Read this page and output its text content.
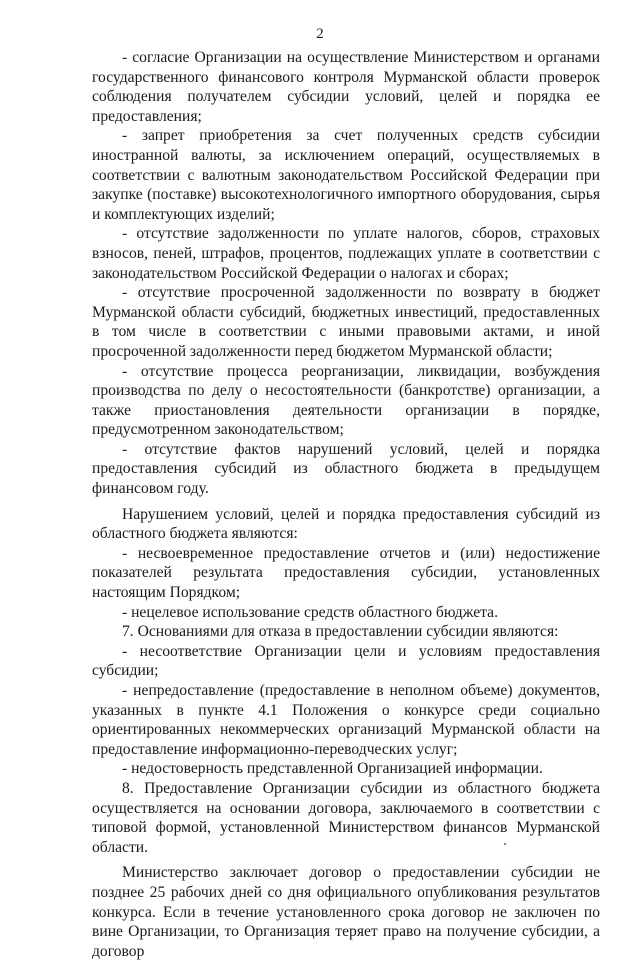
2

- согласие Организации на осуществление Министерством и органами государственного финансового контроля Мурманской области проверок соблюдения получателем субсидии условий, целей и порядка ее предоставления;

- запрет приобретения за счет полученных средств субсидии иностранной валюты, за исключением операций, осуществляемых в соответствии с валютным законодательством Российской Федерации при закупке (поставке) высокотехнологичного импортного оборудования, сырья и комплектующих изделий;

- отсутствие задолженности по уплате налогов, сборов, страховых взносов, пеней, штрафов, процентов, подлежащих уплате в соответствии с законодательством Российской Федерации о налогах и сборах;

- отсутствие просроченной задолженности по возврату в бюджет Мурманской области субсидий, бюджетных инвестиций, предоставленных в том числе в соответствии с иными правовыми актами, и иной просроченной задолженности перед бюджетом Мурманской области;

- отсутствие процесса реорганизации, ликвидации, возбуждения производства по делу о несостоятельности (банкротстве) организации, а также приостановления деятельности организации в порядке, предусмотренном законодательством;

- отсутствие фактов нарушений условий, целей и порядка предоставления субсидий из областного бюджета в предыдущем финансовом году.

Нарушением условий, целей и порядка предоставления субсидий из областного бюджета являются:

- несвоевременное предоставление отчетов и (или) недостижение показателей результата предоставления субсидии, установленных настоящим Порядком;

- нецелевое использование средств областного бюджета.

7. Основаниями для отказа в предоставлении субсидии являются:

- несоответствие Организации цели и условиям предоставления субсидии;

- непредоставление (предоставление в неполном объеме) документов, указанных в пункте 4.1 Положения о конкурсе среди социально ориентированных некоммерческих организаций Мурманской области на предоставление информационно-переводческих услуг;

- недостоверность представленной Организацией информации.

8. Предоставление Организации субсидии из областного бюджета осуществляется на основании договора, заключаемого в соответствии с типовой формой, установленной Министерством финансов Мурманской области.

Министерство заключает договор о предоставлении субсидии не позднее 25 рабочих дней со дня официального опубликования результатов конкурса. Если в течение установленного срока договор не заключен по вине Организации, то Организация теряет право на получение субсидии, а договор
